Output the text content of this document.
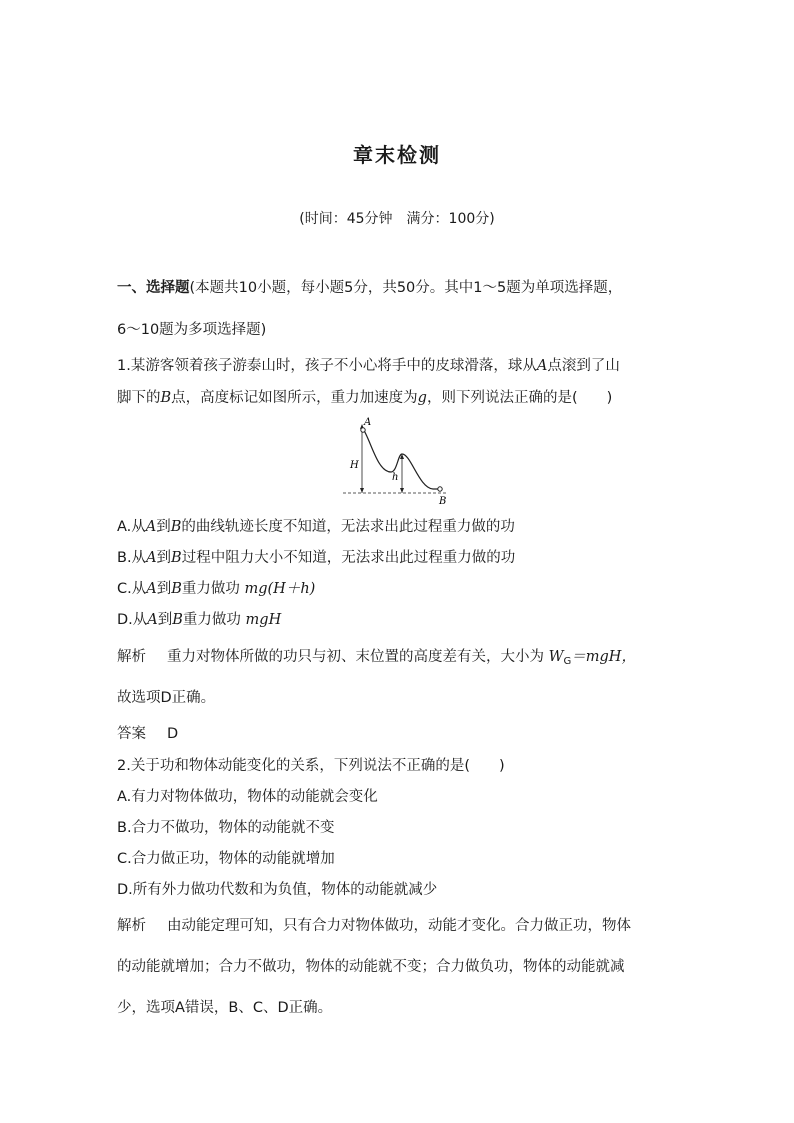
章末检测
(时间：45分钟　满分：100分)
一、选择题(本题共10小题，每小题5分，共50分。其中1～5题为单项选择题，
6～10题为多项选择题)
1.某游客领着孩子游泰山时，孩子不小心将手中的皮球滑落，球从A点滚到了山
脚下的B点，高度标记如图所示，重力加速度为g，则下列说法正确的是(　　)
A
H
h
B
A.从A到B的曲线轨迹长度不知道，无法求出此过程重力做的功
B.从A到B过程中阻力大小不知道，无法求出此过程重力做的功
C.从A到B重力做功 mg(H＋h)
D.从A到B重力做功 mgH
解析 重力对物体所做的功只与初、末位置的高度差有关，大小为 $W_G=mgH$，
故选项D正确。
答案 D
2.关于功和物体动能变化的关系，下列说法不正确的是(　　)
A.有力对物体做功，物体的动能就会变化
B.合力不做功，物体的动能就不变
C.合力做正功，物体的动能就增加
D.所有外力做功代数和为负值，物体的动能就减少
解析 由动能定理可知，只有合力对物体做功，动能才变化。合力做正功，物体
的动能就增加；合力不做功，物体的动能就不变；合力做负功，物体的动能就减
少，选项A错误，B、C、D正确。
